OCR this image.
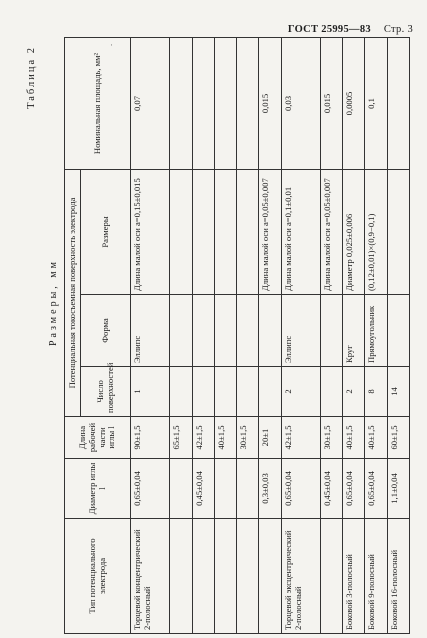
ГОСТ 25995—83 Стр. 3
·
Таблица 2
Размеры, мм
Тип потенциального электрода	Диаметр иглы l	Длина рабочей части иглы l	Потенциальная токосъемная поверхность электрода			Номинальная площадь, мм²
			Число поверхностей	Форма	Размеры	
Торцевой концентрический 2-полосный	0,65±0,04	90±1,5	1	Эллипс	Длина малой оси a=0,15±0,015	0,07
		65±1,5				
	0,45±0,04	42±1,5				
		40±1,5				
		30±1,5				
	0,3±0,03	20±1			Длина малой оси a=0,05±0,007	0,015
Торцевой эксцентрический 2-полосный	0,65±0,04	42±1,5	2	Эллипс	Длина малой оси a=0,1±0,01	0,03
	0,45±0,04	30±1,5			Длина малой оси a=0,05±0,007	0,015
Боковой 3-полосный	0,65±0,04	40±1,5	2	Круг	Диаметр 0,025±0,006	0,0005
Боковой 9-полосный	0,65±0,04	40±1,5	8	Прямоугольник	(0,12±0,01)×(0,9−0,1)	0,1
Боковой 16-полосный	1,1±0,04	60±1,5	14			
